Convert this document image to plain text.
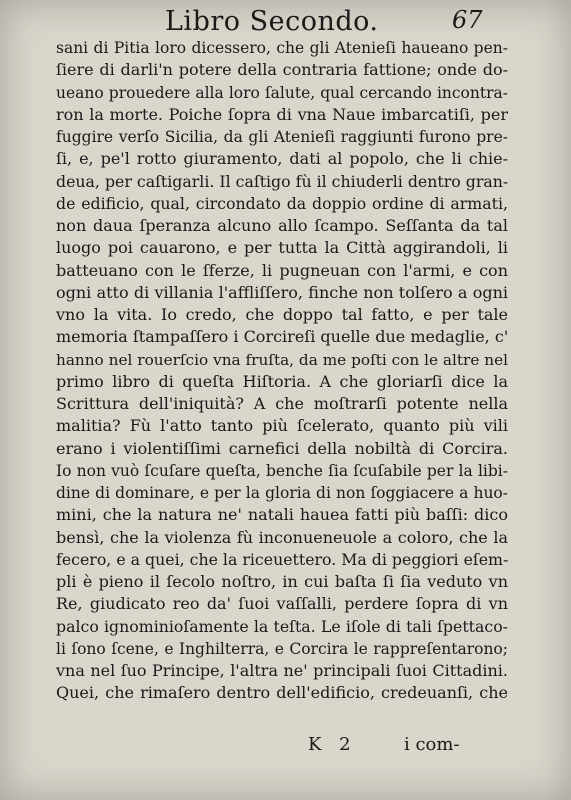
Libro Secondo.	67
sani di Pitia loro dicessero, che gli Atenieſi haueano pen-
ſiere di darli'n potere della contraria fattione; onde do-
ueano prouedere alla loro ſalute, qual cercando incontra-
ron la morte. Poiche ſopra di vna Naue imbarcatiſi, per
fuggire verſo Sicilia, da gli Atenieſi raggiunti furono pre-
ſi, e, pe'l rotto giuramento, dati al popolo, che li chie-
deua, per caſtigarli. Il caſtigo fù il chiuderli dentro gran-
de edificio, qual, circondato da doppio ordine di armati,
non daua ſperanza alcuno allo ſcampo. Seſſanta da tal
luogo poi cauarono, e per tutta la Città aggirandoli, li
batteuano con le ſferze, li pugneuan con l'armi, e con
ogni atto di villania l'affliſſero, finche non tolſero a ogni
vno la vita. Io credo, che doppo tal fatto, e per tale
memoria ſtampaſſero i Corcireſi quelle due medaglie, c'
hanno nel rouerſcio vna fruſta, da me poſti con le altre nel
primo libro di queſta Hiſtoria. A che gloriarſi dice la
Scrittura dell'iniquità? A che moſtrarſi potente nella
malitia? Fù l'atto tanto più ſcelerato, quanto più vili
erano i violentiſſimi carnefici della nobiltà di Corcira.
Io non vuò ſcuſare queſta, benche ſia ſcuſabile per la libi-
dine di dominare, e per la gloria di non ſoggiacere a huo-
mini, che la natura ne' natali hauea fatti più baſſi: dico
bensì, che la violenza fù inconueneuole a coloro, che la
fecero, e a quei, che la riceuettero. Ma di peggiori eſem-
pli è pieno il ſecolo noſtro, in cui baſta ſi ſia veduto vn
Re, giudicato reo da' ſuoi vaſſalli, perdere ſopra di vn
palco ignominioſamente la teſta. Le iſole di tali ſpettaco-
li ſono ſcene, e Inghilterra, e Corcira le rappreſentarono;
vna nel ſuo Principe, l'altra ne' principali ſuoi Cittadini.
Quei, che rimaſero dentro dell'edificio, credeuanſi, che
K 2	i com-
